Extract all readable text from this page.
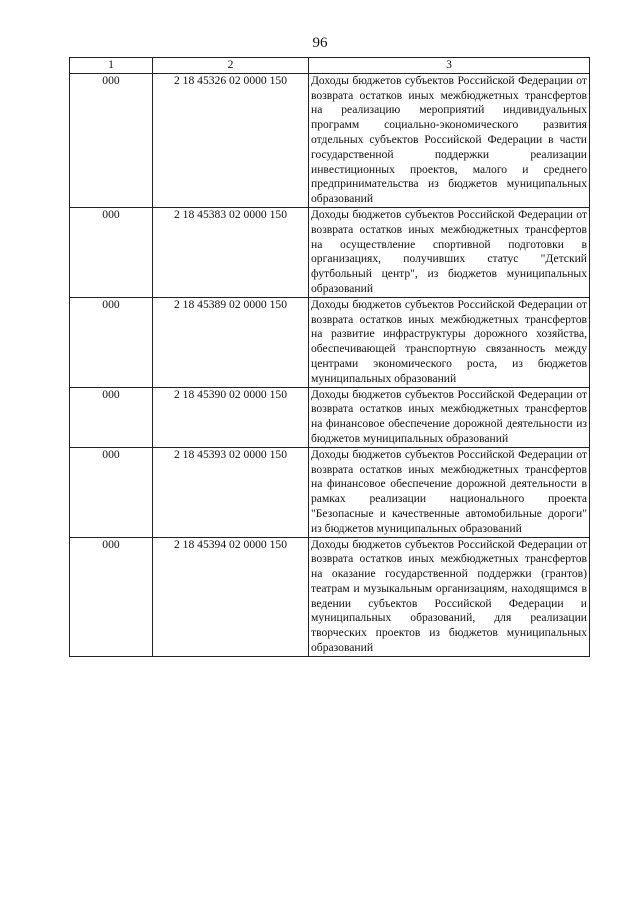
96
1	2	3
000	2 18 45326 02 0000 150	Доходы бюджетов субъектов Российской Федерации от возврата остатков иных межбюджетных трансфертов на реализацию мероприятий индивидуальных программ социально-экономического развития отдельных субъектов Российской Федерации в части государственной поддержки реализации инвестиционных проектов, малого и среднего предпринимательства из бюджетов муниципальных образований
000	2 18 45383 02 0000 150	Доходы бюджетов субъектов Российской Федерации от возврата остатков иных межбюджетных трансфертов на осуществление спортивной подготовки в организациях, получивших статус "Детский футбольный центр", из бюджетов муниципальных образований
000	2 18 45389 02 0000 150	Доходы бюджетов субъектов Российской Федерации от возврата остатков иных межбюджетных трансфертов на развитие инфраструктуры дорожного хозяйства, обеспечивающей транспортную связанность между центрами экономического роста, из бюджетов муниципальных образований
000	2 18 45390 02 0000 150	Доходы бюджетов субъектов Российской Федерации от возврата остатков иных межбюджетных трансфертов на финансовое обеспечение дорожной деятельности из бюджетов муниципальных образований
000	2 18 45393 02 0000 150	Доходы бюджетов субъектов Российской Федерации от возврата остатков иных межбюджетных трансфертов на финансовое обеспечение дорожной деятельности в рамках реализации национального проекта "Безопасные и качественные автомобильные дороги" из бюджетов муниципальных образований
000	2 18 45394 02 0000 150	Доходы бюджетов субъектов Российской Федерации от возврата остатков иных межбюджетных трансфертов на оказание государственной поддержки (грантов) театрам и музыкальным организациям, находящимся в ведении субъектов Российской Федерации и муниципальных образований, для реализации творческих проектов из бюджетов муниципальных образований
